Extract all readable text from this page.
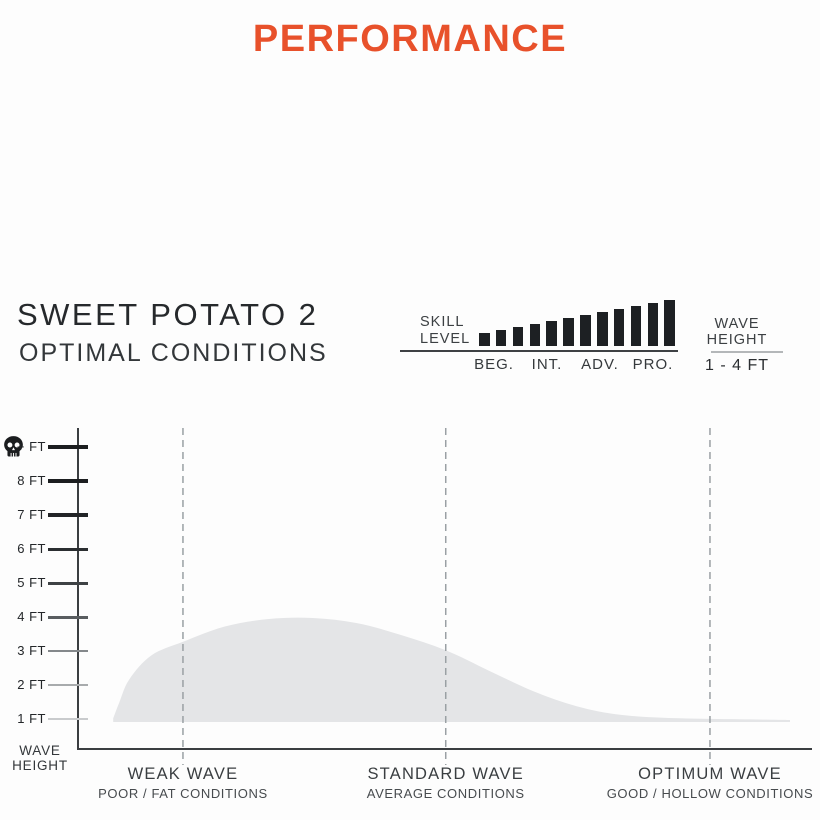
PERFORMANCE
SWEET POTATO 2
OPTIMAL CONDITIONS
SKILL
LEVEL
WAVE
HEIGHT
1 - 4 FT
WAVE
HEIGHT
BEG. INT. ADV. PRO.
+ FT
8 FT
7 FT
6 FT
5 FT
4 FT
3 FT
2 FT
1 FT
WEAK WAVE
POOR / FAT CONDITIONS
STANDARD WAVE
AVERAGE CONDITIONS
OPTIMUM WAVE
GOOD / HOLLOW CONDITIONS
